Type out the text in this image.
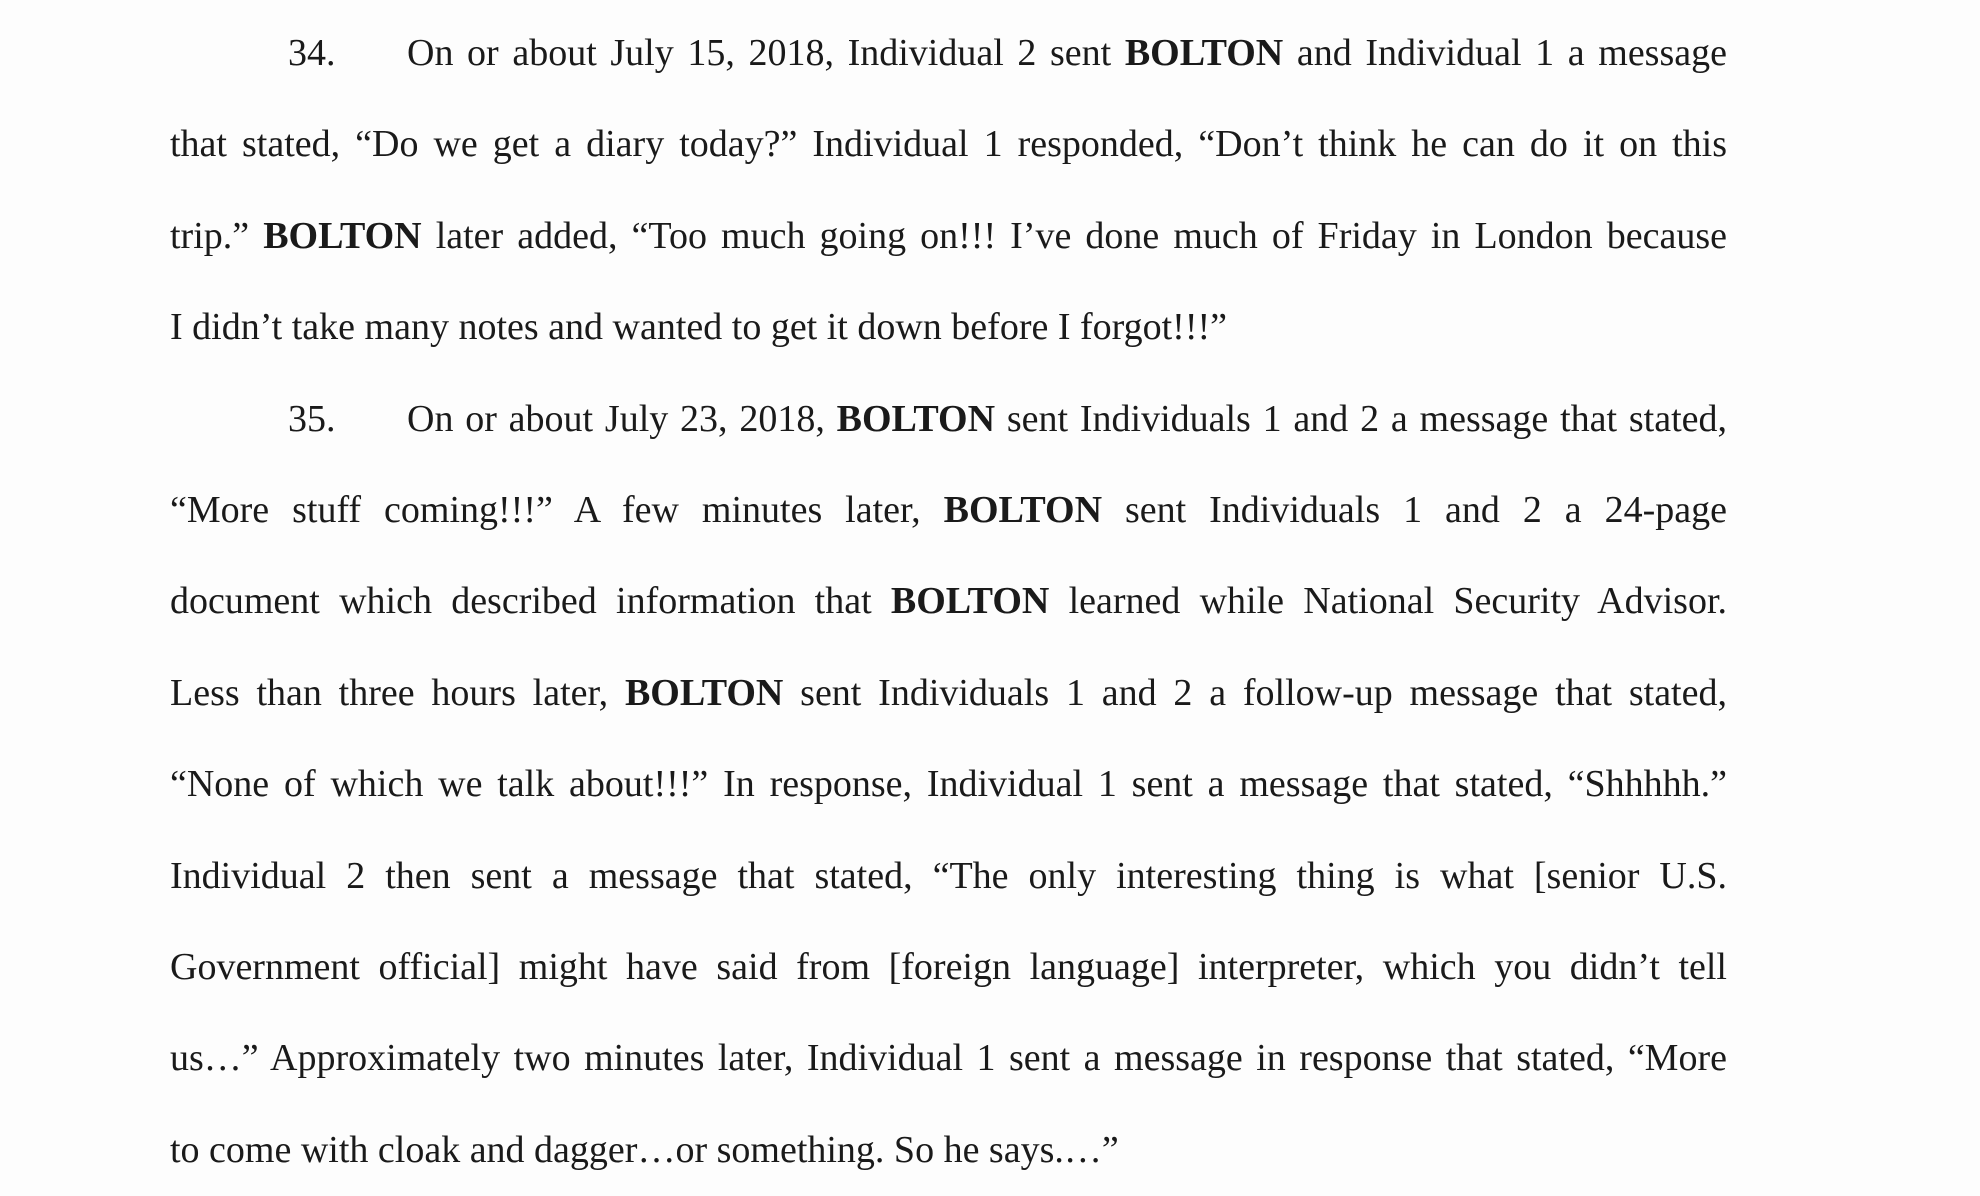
34. On or about July 15, 2018, Individual 2 sent BOLTON and Individual 1 a message
that stated, “Do we get a diary today?” Individual 1 responded, “Don’t think he can do it on this
trip.” BOLTON later added, “Too much going on!!! I’ve done much of Friday in London because
I didn’t take many notes and wanted to get it down before I forgot!!!”
35. On or about July 23, 2018, BOLTON sent Individuals 1 and 2 a message that stated,
“More stuff coming!!!” A few minutes later, BOLTON sent Individuals 1 and 2 a 24-page
document which described information that BOLTON learned while National Security Advisor.
Less than three hours later, BOLTON sent Individuals 1 and 2 a follow-up message that stated,
“None of which we talk about!!!” In response, Individual 1 sent a message that stated, “Shhhhh.”
Individual 2 then sent a message that stated, “The only interesting thing is what [senior U.S.
Government official] might have said from [foreign language] interpreter, which you didn’t tell
us…” Approximately two minutes later, Individual 1 sent a message in response that stated, “More
to come with cloak and dagger…or something. So he says.…”
